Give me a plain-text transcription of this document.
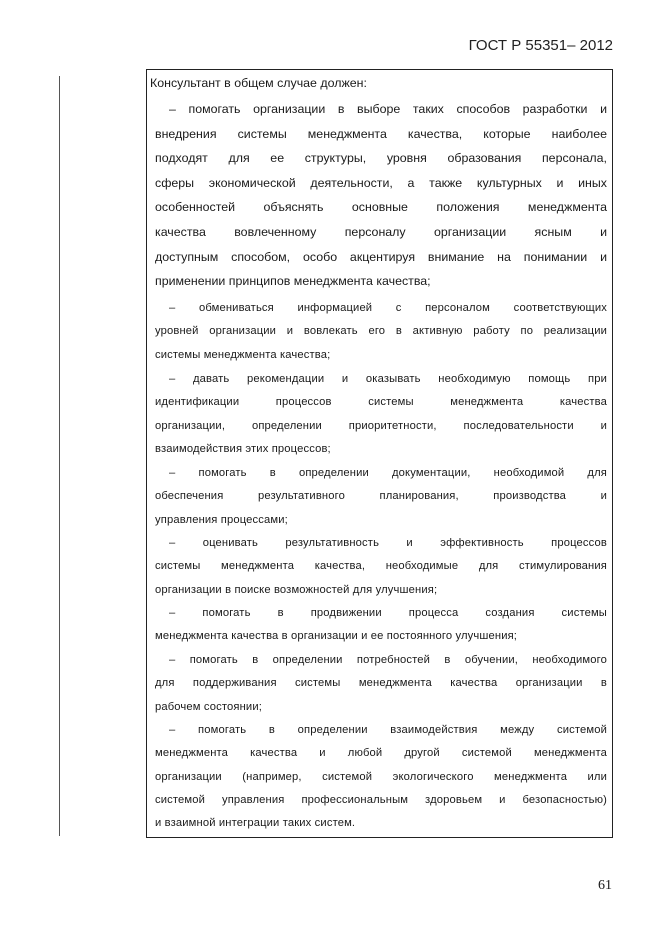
ГОСТ Р 55351– 2012
Консультант в общем случае должен:
– помогать организации в выборе таких способов разработки и
внедрения системы менеджмента качества, которые наиболее
подходят для ее структуры, уровня образования персонала,
сферы экономической деятельности, а также культурных и иных
особенностей объяснять основные положения менеджмента
качества вовлеченному персоналу организации ясным и
доступным способом, особо акцентируя внимание на понимании и
применении принципов менеджмента качества;
– обмениваться информацией с персоналом соответствующих
уровней организации и вовлекать его в активную работу по реализации
системы менеджмента качества;
– давать рекомендации и оказывать необходимую помощь при
идентификации процессов системы менеджмента качества
организации, определении приоритетности, последовательности и
взаимодействия этих процессов;
– помогать в определении документации, необходимой для
обеспечения результативного планирования, производства и
управления процессами;
– оценивать результативность и эффективность процессов
системы менеджмента качества, необходимые для стимулирования
организации в поиске возможностей для улучшения;
– помогать в продвижении процесса создания системы
менеджмента качества в организации и ее постоянного улучшения;
– помогать в определении потребностей в обучении, необходимого
для поддерживания системы менеджмента качества организации в
рабочем состоянии;
– помогать в определении взаимодействия между системой
менеджмента качества и любой другой системой менеджмента
организации (например, системой экологического менеджмента или
системой управления профессиональным здоровьем и безопасностью)
и взаимной интеграции таких систем.
61
